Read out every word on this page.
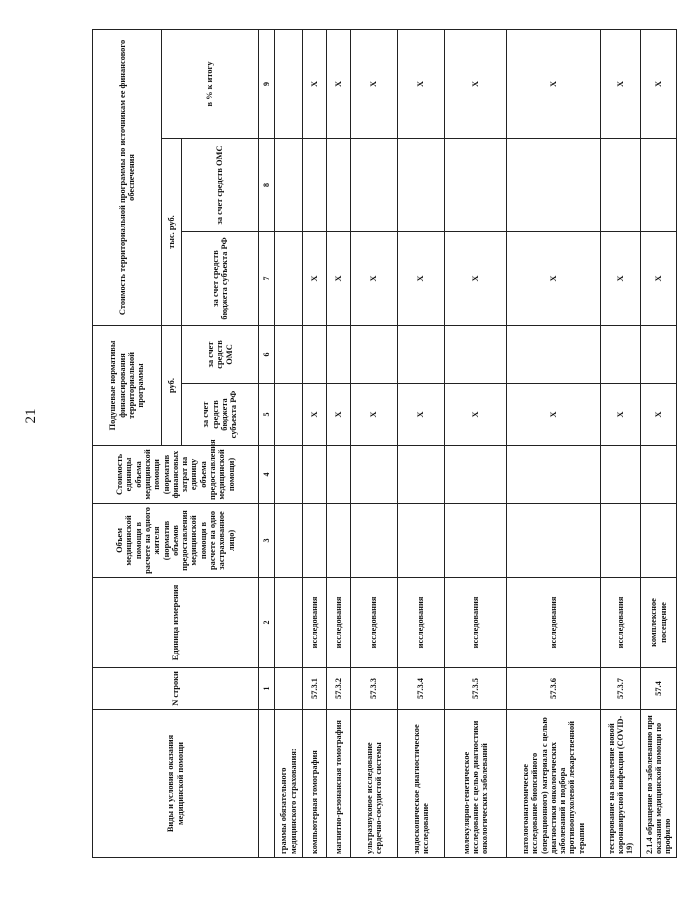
21
Виды и условия оказания медицинской помощи	N строки	Единица измерения	Объем медицинской помощи в расчете на одного жителя (норматив объемов предоставления медицинской помощи в расчете на одно застрахованное лицо)	Стоимость единицы объема медицинской помощи (норматив финансовых затрат на единицу объема предоставления медицинской помощи)	Подушевые нормативы финансирования территориальной программы		Стоимость территориальной программы по источникам ее финансового обеспечения		
					руб.		тыс. руб.		в % к итогу
					за счет средств бюджета субъекта РФ	за счет средств ОМС	за счет средств бюджета субъекта РФ	за счет средств ОМС	
	1	2	3	4	5	6	7	8	9
граммы обязательного медицинского страхования:									
компьютерная томография	57.3.1	исследования			X		X		X
магнитно-резонансная томография	57.3.2	исследования			X		X		X
ультразвуковое исследование сердечно-сосудистой системы	57.3.3	исследования			X		X		X
эндоскопическое диагностическое исследование	57.3.4	исследования			X		X		X
молекулярно-генетическое исследование с целью диагностики онкологических заболеваний	57.3.5	исследования			X		X		X
патологоанатомическое исследование биопсийного (операционного) материала с целью диагностики онкологических заболеваний и подбора противоопухолевой лекарственной терапии	57.3.6	исследования			X		X		X
тестирование на выявление новой коронавирусной инфекции (COVID-19)	57.3.7	исследования			X		X		X
2.1.4 обращение по заболеванию при оказании медицинской помощи по профилю	57.4	комплексное посещение			X		X		X
